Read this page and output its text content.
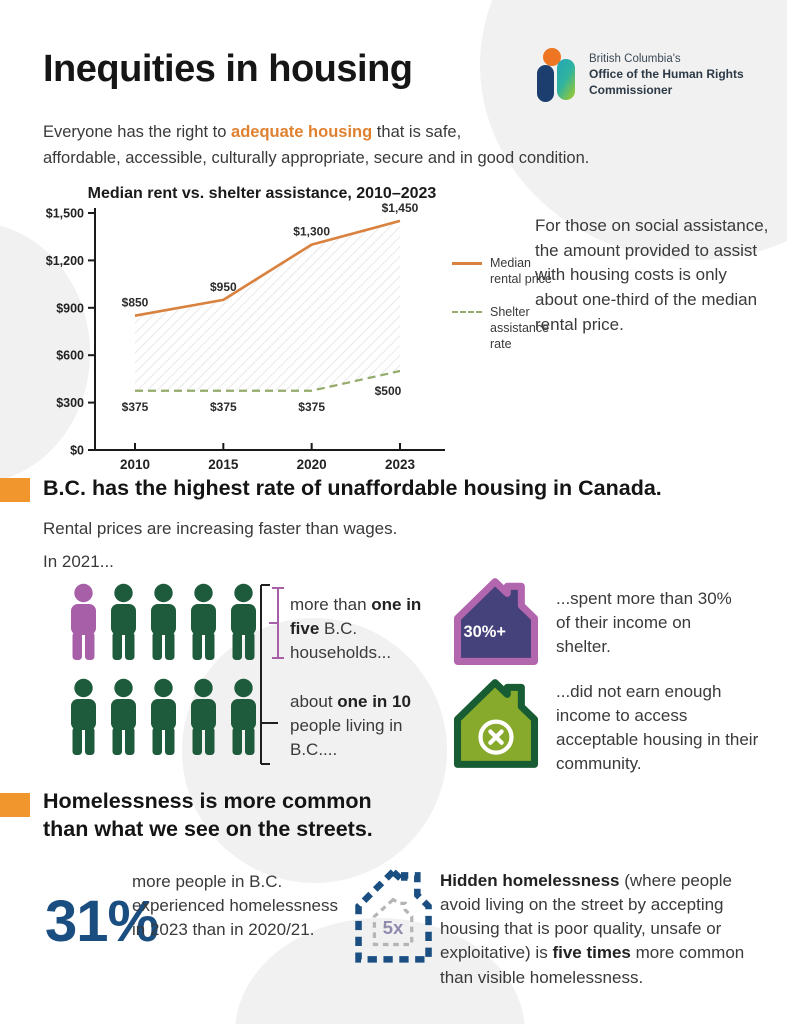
Inequities in housing	British Columbia's
Office of the Human Rights
Commissioner

Everyone has the right to adequate housing that is safe,
affordable, accessible, culturally appropriate, secure and in good condition.

Median rent vs. shelter assistance, 2010–2023
$0
$300
$600
$900
$1,200
$1,500
2010	2015	2020	2023
$850
$950
$1,300
$1,450
$375	$375	$375
$500
Median rental price
Shelter assistance rate

For those on social assistance, the amount provided to assist with housing costs is only about one-third of the median rental price.

B.C. has the highest rate of unaffordable housing in Canada.

Rental prices are increasing faster than wages.

In 2021...

more than one in five B.C. households...

about one in 10 people living in B.C....

30%+

...spent more than 30% of their income on shelter.

...did not earn enough income to access acceptable housing in their community.

Homelessness is more common
than what we see on the streets.
31%

more people in B.C. experienced homelessness in 2023 than in 2020/21.	5x

Hidden homelessness (where people avoid living on the street by accepting housing that is poor quality, unsafe or exploitative) is five times more common than visible homelessness.
